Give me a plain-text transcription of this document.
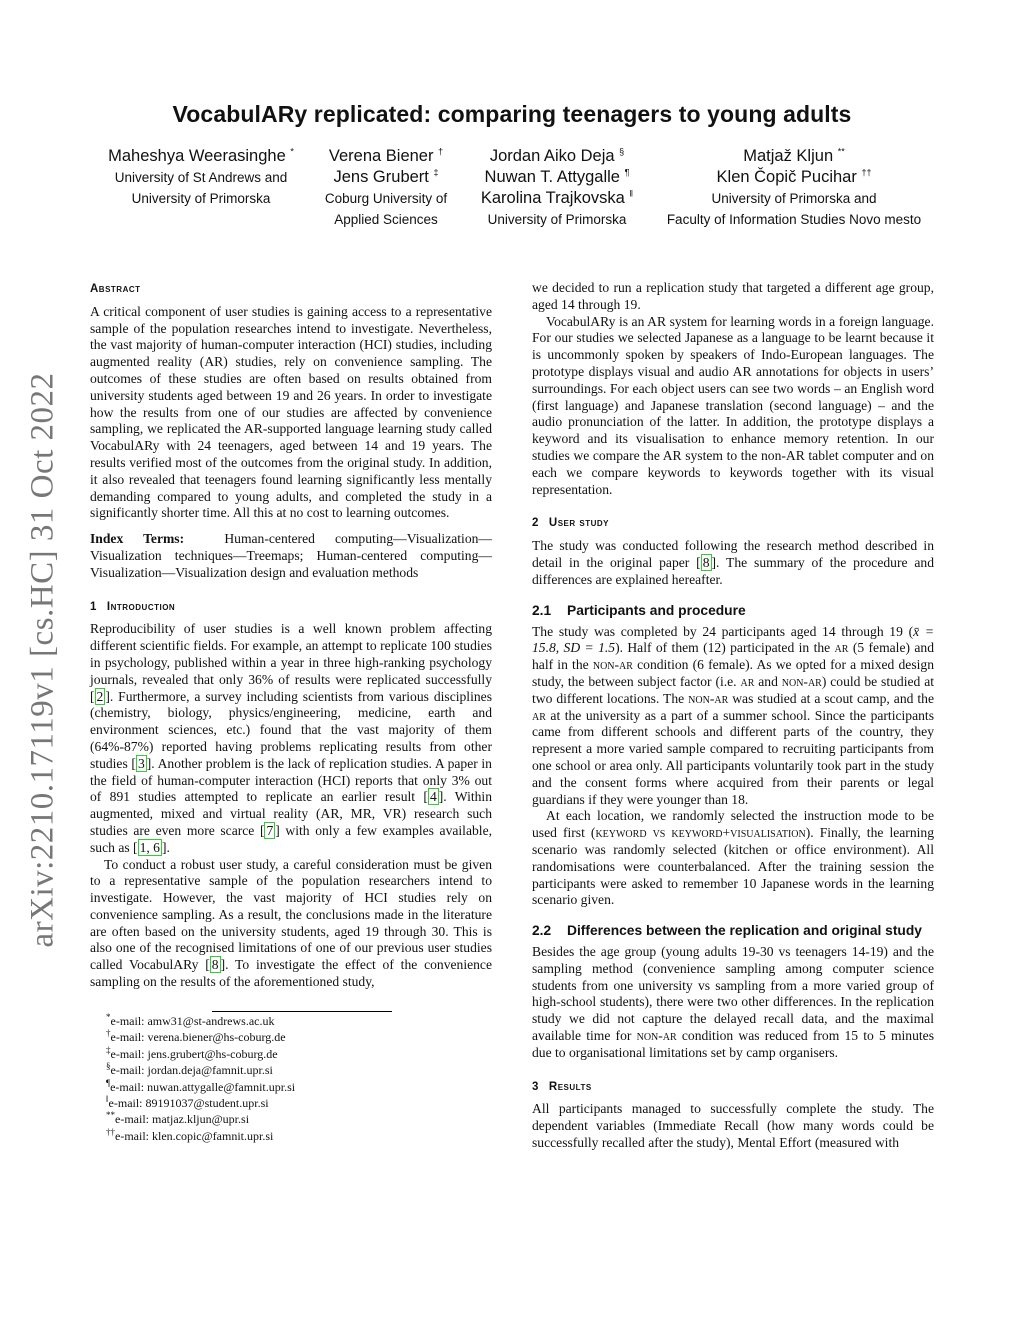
arXiv:2210.17119v1 [cs.HC] 31 Oct 2022
VocabulARy replicated: comparing teenagers to young adults
Maheshya Weerasinghe *
University of St Andrews and
University of Primorska
Verena Biener †
Jens Grubert ‡
Coburg University of
Applied Sciences
Jordan Aiko Deja §
Nuwan T. Attygalle ¶
Karolina Trajkovska ‖
University of Primorska
Matjaž Kljun **
Klen Čopič Pucihar ††
University of Primorska and
Faculty of Information Studies Novo mesto
Abstract

A critical component of user studies is gaining access to a representative sample of the population researches intend to investigate. Nevertheless, the vast majority of human-computer interaction (HCI) studies, including augmented reality (AR) studies, rely on convenience sampling. The outcomes of these studies are often based on results obtained from university students aged between 19 and 26 years. In order to investigate how the results from one of our studies are affected by convenience sampling, we replicated the AR-supported language learning study called VocabulARy with 24 teenagers, aged between 14 and 19 years. The results verified most of the outcomes from the original study. In addition, it also revealed that teenagers found learning significantly less mentally demanding compared to young adults, and completed the study in a significantly shorter time. All this at no cost to learning outcomes.

Index Terms:	Human-centered computing—Visualization—Visualization techniques—Treemaps; Human-centered computing—Visualization—Visualization design and evaluation methods

1 Introduction

Reproducibility of user studies is a well known problem affecting different scientific fields. For example, an attempt to replicate 100 studies in psychology, published within a year in three high-ranking psychology journals, revealed that only 36% of results were replicated successfully [ 2 ]. Furthermore, a survey including scientists from various disciplines (chemistry, biology, physics/engineering, medicine, earth and environment sciences, etc.) found that the vast majority of them (64%-87%) reported having problems replicating results from other studies [ 3 ]. Another problem is the lack of replication studies. A paper in the field of human-computer interaction (HCI) reports that only 3% out of 891 studies attempted to replicate an earlier result [ 4 ]. Within augmented, mixed and virtual reality (AR, MR, VR) research such studies are even more scarce [ 7 ] with only a few examples available, such as [ 1, 6 ].

To conduct a robust user study, a careful consideration must be given to a representative sample of the population researchers intend to investigate. However, the vast majority of HCI studies rely on convenience sampling. As a result, the conclusions made in the literature are often based on the university students, aged 19 through 30. This is also one of the recognised limitations of one of our previous user studies called VocabulARy [ 8 ]. To investigate the effect of the convenience sampling on the results of the aforementioned study,

*e-mail: amw31@st-andrews.ac.uk
†e-mail: verena.biener@hs-coburg.de
‡e-mail: jens.grubert@hs-coburg.de
§e-mail: jordan.deja@famnit.upr.si
¶e-mail: nuwan.attygalle@famnit.upr.si
‖e-mail: 89191037@student.upr.si
**e-mail: matjaz.kljun@upr.si
††e-mail: klen.copic@famnit.upr.si

we decided to run a replication study that targeted a different age group, aged 14 through 19.

VocabulARy is an AR system for learning words in a foreign language. For our studies we selected Japanese as a language to be learnt because it is uncommonly spoken by speakers of Indo-European languages. The prototype displays visual and audio AR annotations for objects in users’ surroundings. For each object users can see two words – an English word (first language) and Japanese translation (second language) – and the audio pronunciation of the latter. In addition, the prototype displays a keyword and its visualisation to enhance memory retention. In our studies we compare the AR system to the non-AR tablet computer and on each we compare keywords to keywords together with its visual representation.

2 User study

The study was conducted following the research method described in detail in the original paper [ 8 ]. The summary of the procedure and differences are explained hereafter.

2.1	Participants and procedure

The study was completed by 24 participants aged 14 through 19 (x̄ = 15.8, SD = 1.5). Half of them (12) participated in the ar (5 female) and half in the non-ar condition (6 female). As we opted for a mixed design study, the between subject factor (i.e. ar and non-ar) could be studied at two different locations. The non-ar was studied at a scout camp, and the ar at the university as a part of a summer school. Since the participants came from different schools and different parts of the country, they represent a more varied sample compared to recruiting participants from one school or area only. All participants voluntarily took part in the study and the consent forms where acquired from their parents or legal guardians if they were younger than 18.

At each location, we randomly selected the instruction mode to be used first (keyword vs keyword+visualisation). Finally, the learning scenario was randomly selected (kitchen or office environment). All randomisations were counterbalanced. After the training session the participants were asked to remember 10 Japanese words in the learning scenario given.

2.2	Differences between the replication and original study

Besides the age group (young adults 19-30 vs teenagers 14-19) and the sampling method (convenience sampling among computer science students from one university vs sampling from a more varied group of high-school students), there were two other differences. In the replication study we did not capture the delayed recall data, and the maximal available time for non-ar condition was reduced from 15 to 5 minutes due to organisational limitations set by camp organisers.

3 Results

All participants managed to successfully complete the study. The dependent variables (Immediate Recall (how many words could be successfully recalled after the study), Mental Effort (measured with
